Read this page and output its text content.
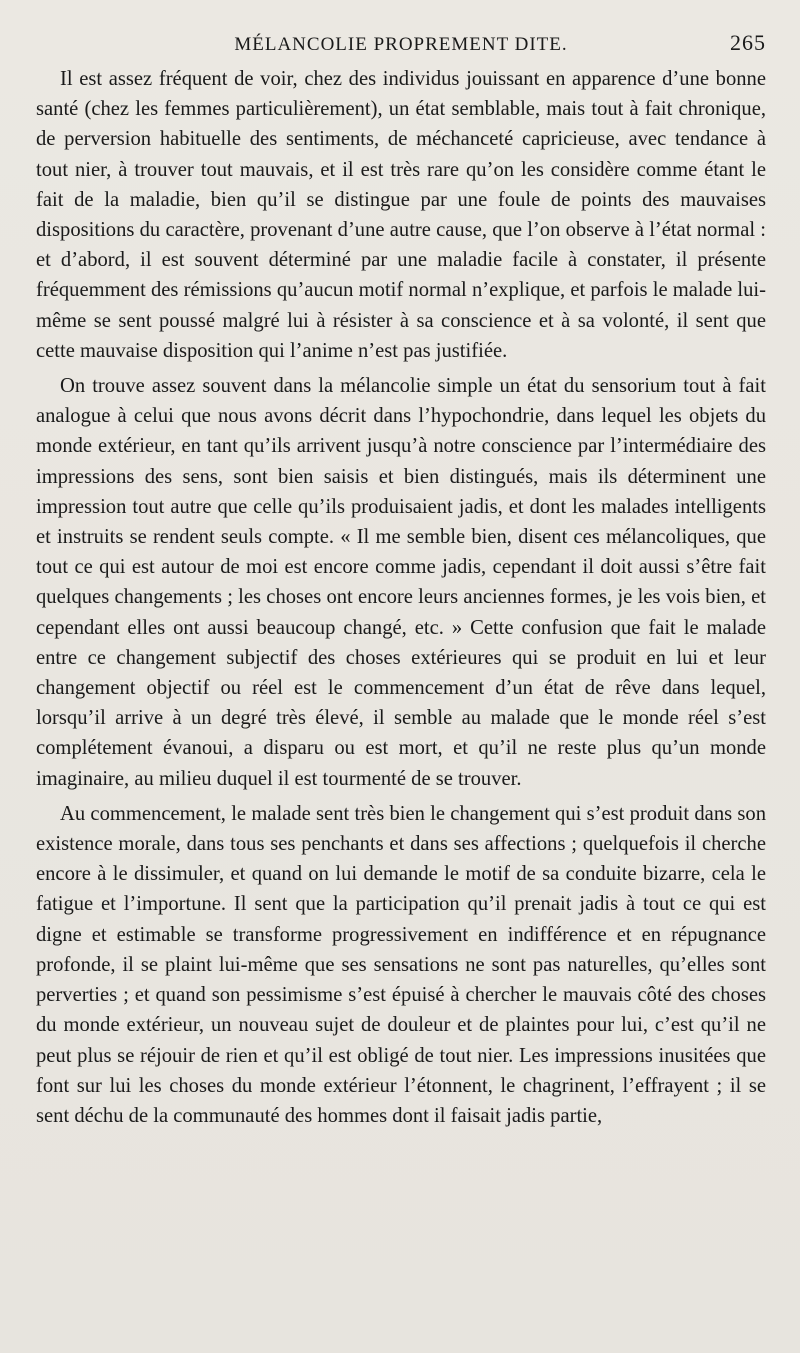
MÉLANCOLIE PROPREMENT DITE.	265

Il est assez fréquent de voir, chez des individus jouissant en apparence d’une bonne santé (chez les femmes particulièrement), un état semblable, mais tout à fait chronique, de perversion habituelle des sentiments, de méchanceté capricieuse, avec tendance à tout nier, à trouver tout mauvais, et il est très rare qu’on les considère comme étant le fait de la maladie, bien qu’il se distingue par une foule de points des mauvaises dispositions du caractère, provenant d’une autre cause, que l’on observe à l’état normal : et d’abord, il est souvent déterminé par une maladie facile à constater, il présente fréquemment des rémissions qu’aucun motif normal n’explique, et parfois le malade lui-même se sent poussé malgré lui à résister à sa conscience et à sa volonté, il sent que cette mauvaise disposition qui l’anime n’est pas justifiée.

On trouve assez souvent dans la mélancolie simple un état du sensorium tout à fait analogue à celui que nous avons décrit dans l’hypochondrie, dans lequel les objets du monde extérieur, en tant qu’ils arrivent jusqu’à notre conscience par l’intermédiaire des impressions des sens, sont bien saisis et bien distingués, mais ils déterminent une impression tout autre que celle qu’ils produisaient jadis, et dont les malades intelligents et instruits se rendent seuls compte. « Il me semble bien, disent ces mélancoliques, que tout ce qui est autour de moi est encore comme jadis, cependant il doit aussi s’être fait quelques changements ; les choses ont encore leurs anciennes formes, je les vois bien, et cependant elles ont aussi beaucoup changé, etc. » Cette confusion que fait le malade entre ce changement subjectif des choses extérieures qui se produit en lui et leur changement objectif ou réel est le commencement d’un état de rêve dans lequel, lorsqu’il arrive à un degré très élevé, il semble au malade que le monde réel s’est complétement évanoui, a disparu ou est mort, et qu’il ne reste plus qu’un monde imaginaire, au milieu duquel il est tourmenté de se trouver.

Au commencement, le malade sent très bien le changement qui s’est produit dans son existence morale, dans tous ses penchants et dans ses affections ; quelquefois il cherche encore à le dissimuler, et quand on lui demande le motif de sa conduite bizarre, cela le fatigue et l’importune. Il sent que la participation qu’il prenait jadis à tout ce qui est digne et estimable se transforme progressivement en indifférence et en répugnance profonde, il se plaint lui-même que ses sensations ne sont pas naturelles, qu’elles sont perverties ; et quand son pessimisme s’est épuisé à chercher le mauvais côté des choses du monde extérieur, un nouveau sujet de douleur et de plaintes pour lui, c’est qu’il ne peut plus se réjouir de rien et qu’il est obligé de tout nier. Les impressions inusitées que font sur lui les choses du monde extérieur l’étonnent, le chagrinent, l’effrayent ; il se sent déchu de la communauté des hommes dont il faisait jadis partie,
